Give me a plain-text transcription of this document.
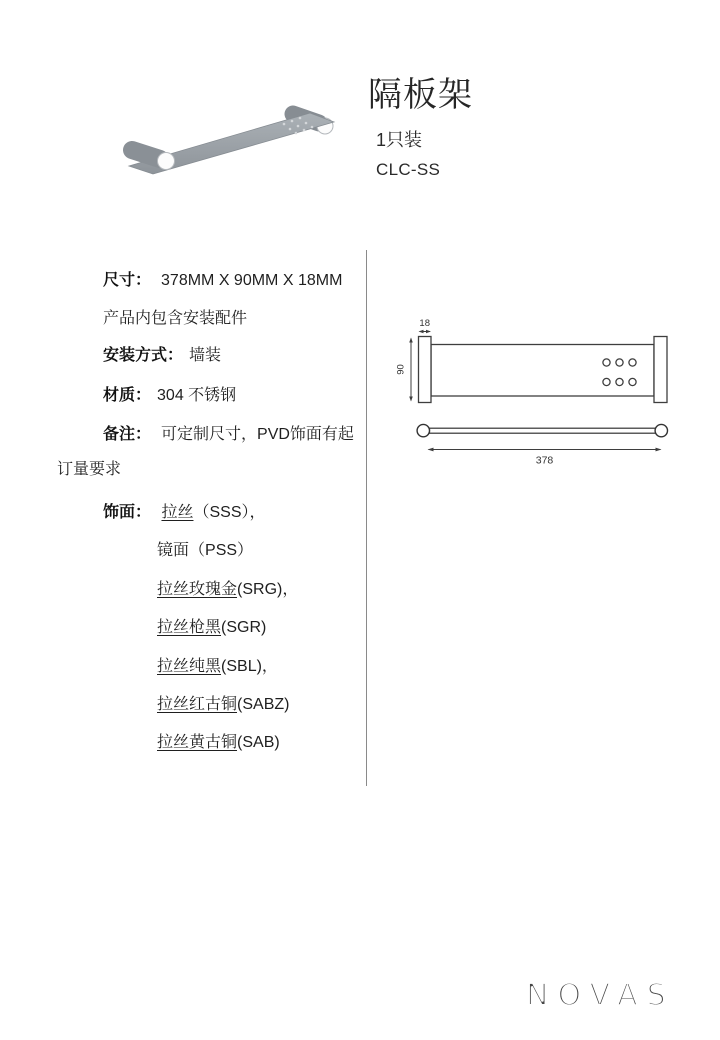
隔板架
1只装
CLC-SS
尺寸： 378MM X 90MM X 18MM
产品内包含安装配件
安装方式： 墙装
材质： 304 不锈钢
备注： 可定制尺寸，PVD饰面有起
订量要求
饰面： 拉丝（SSS），
镜面（PSS）
拉丝玫瑰金(SRG)，
拉丝枪黑(SGR)
拉丝纯黑(SBL)，
拉丝红古铜(SABZ)
拉丝黄古铜(SAB)
18
90
378
NOVAS
